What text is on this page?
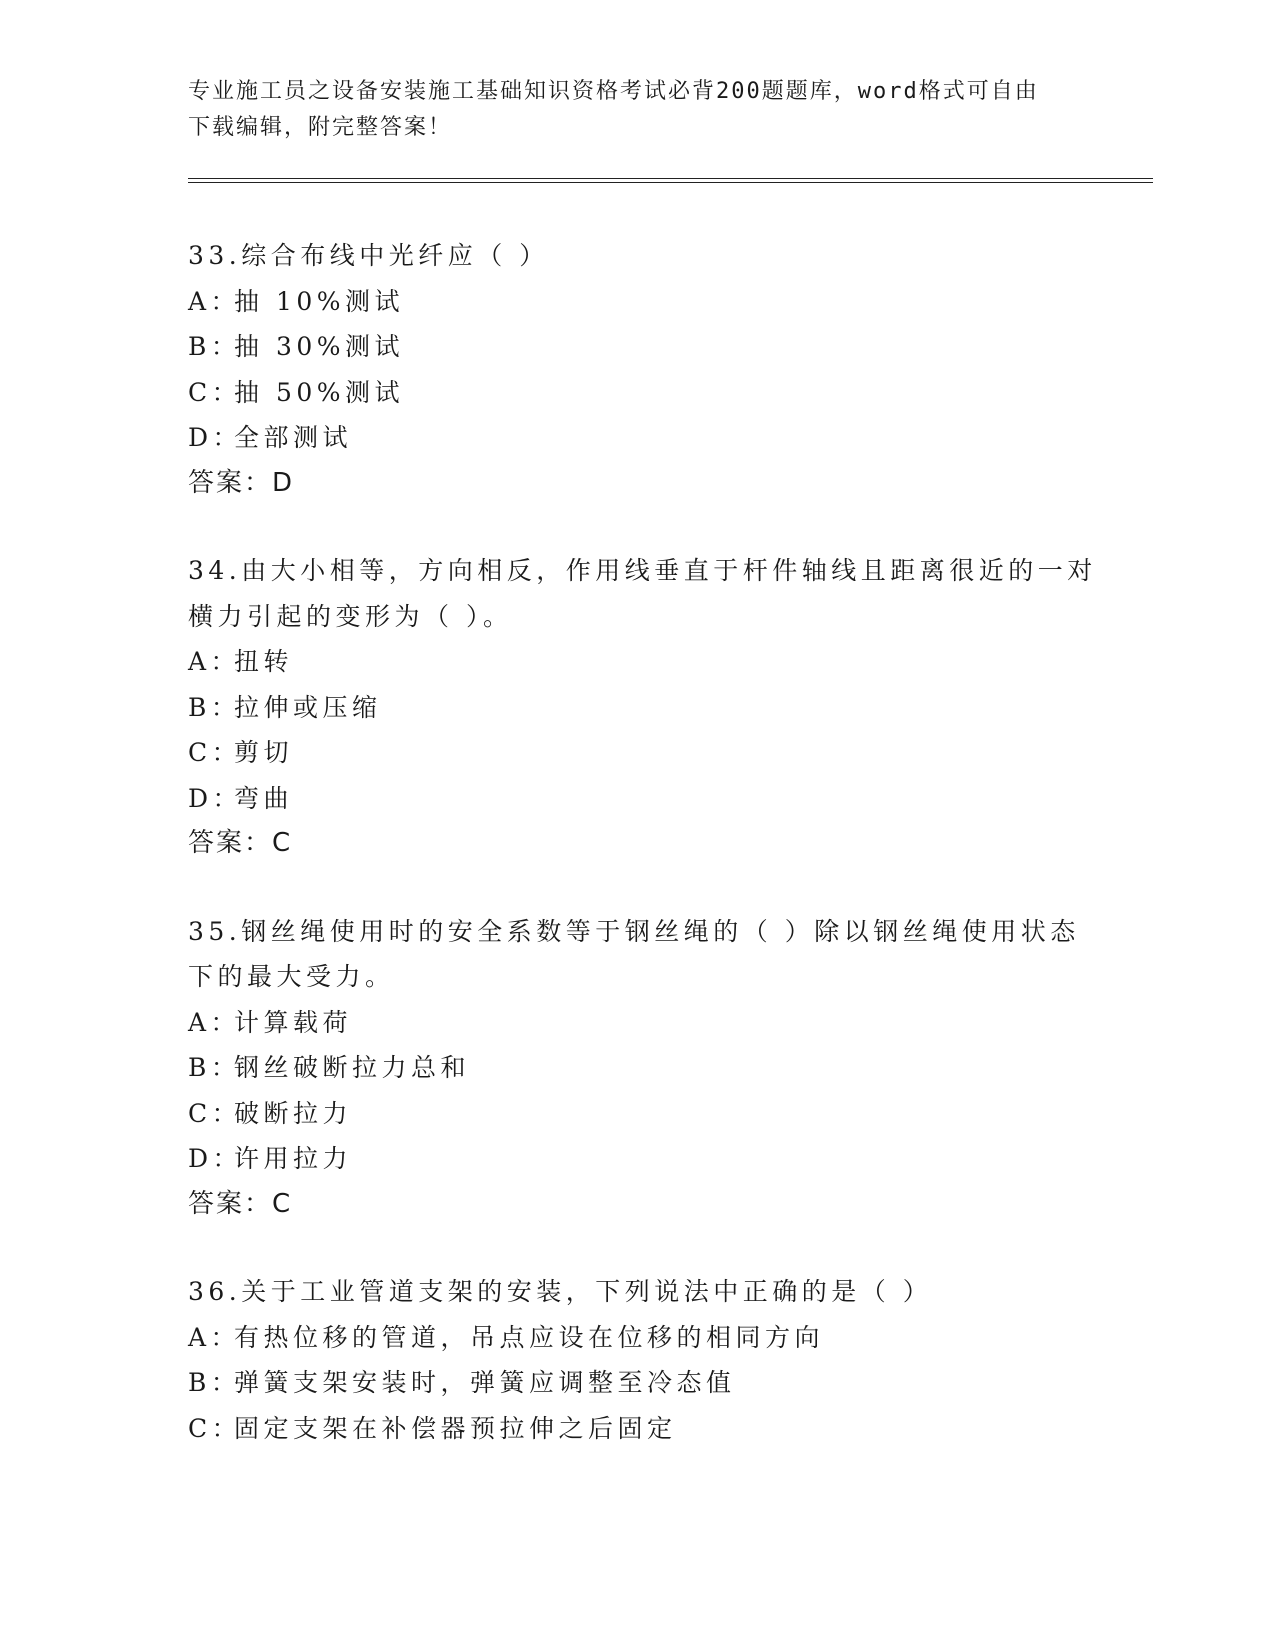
专业施工员之设备安装施工基础知识资格考试必背200题题库，word格式可自由
下载编辑，附完整答案！
33.综合布线中光纤应（ ）
A：抽 10%测试
B：抽 30%测试
C：抽 50%测试
D：全部测试
答案：D
34.由大小相等，方向相反，作用线垂直于杆件轴线且距离很近的一对
横力引起的变形为（ ）。
A：扭转
B：拉伸或压缩
C：剪切
D：弯曲
答案：C
35.钢丝绳使用时的安全系数等于钢丝绳的（ ）除以钢丝绳使用状态
下的最大受力。
A：计算载荷
B：钢丝破断拉力总和
C：破断拉力
D：许用拉力
答案：C
36.关于工业管道支架的安装，下列说法中正确的是（ ）
A：有热位移的管道，吊点应设在位移的相同方向
B：弹簧支架安装时，弹簧应调整至冷态值
C：固定支架在补偿器预拉伸之后固定
